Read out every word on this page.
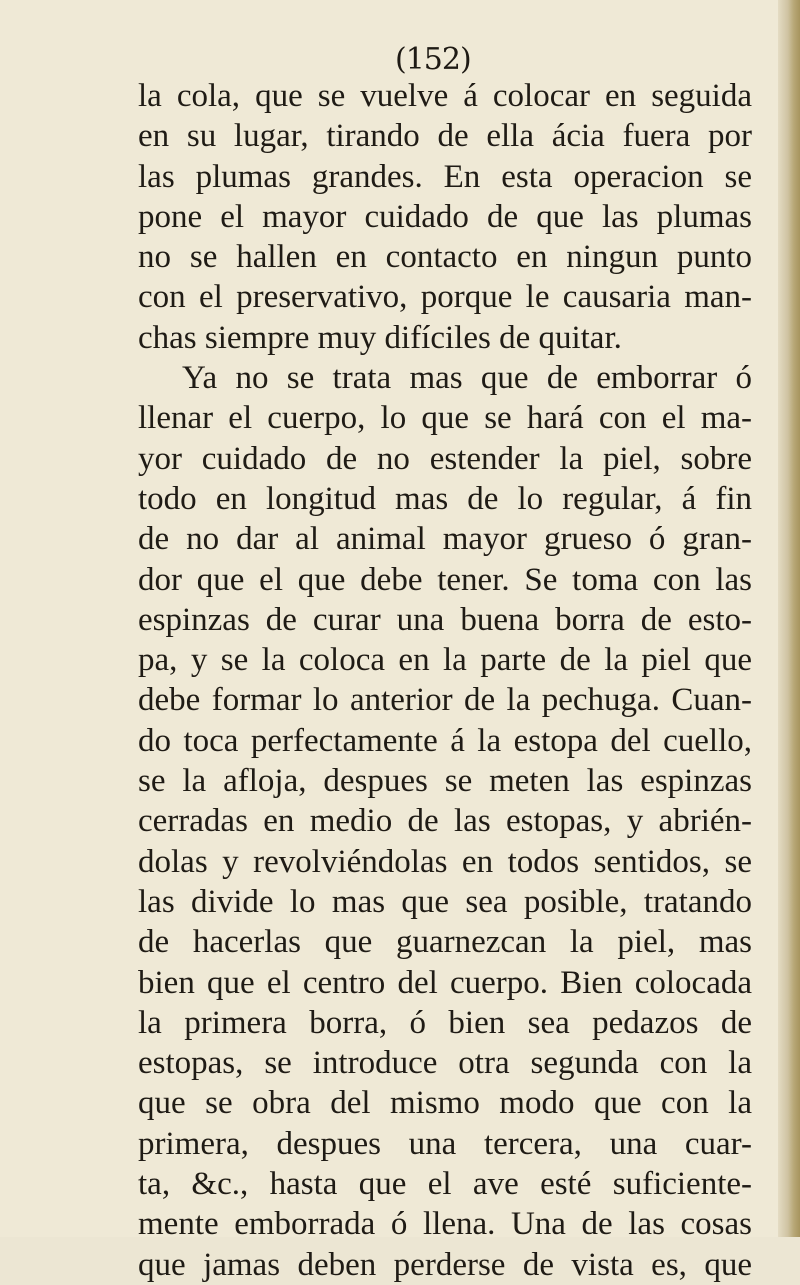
(152)
la cola, que se vuelve á colocar en seguida
en su lugar, tirando de ella ácia fuera por
las plumas grandes. En esta operacion se
pone el mayor cuidado de que las plumas
no se hallen en contacto en ningun punto
con el preservativo, porque le causaria man-
chas siempre muy difíciles de quitar.
Ya no se trata mas que de emborrar ó
llenar el cuerpo, lo que se hará con el ma-
yor cuidado de no estender la piel, sobre
todo en longitud mas de lo regular, á fin
de no dar al animal mayor grueso ó gran-
dor que el que debe tener. Se toma con las
espinzas de curar una buena borra de esto-
pa, y se la coloca en la parte de la piel que
debe formar lo anterior de la pechuga. Cuan-
do toca perfectamente á la estopa del cuello,
se la afloja, despues se meten las espinzas
cerradas en medio de las estopas, y abrién-
dolas y revolviéndolas en todos sentidos, se
las divide lo mas que sea posible, tratando
de hacerlas que guarnezcan la piel, mas
bien que el centro del cuerpo. Bien colocada
la primera borra, ó bien sea pedazos de
estopas, se introduce otra segunda con la
que se obra del mismo modo que con la
primera, despues una tercera, una cuar-
ta, &c., hasta que el ave esté suficiente-
mente emborrada ó llena. Una de las cosas
que jamas deben perderse de vista es, que
